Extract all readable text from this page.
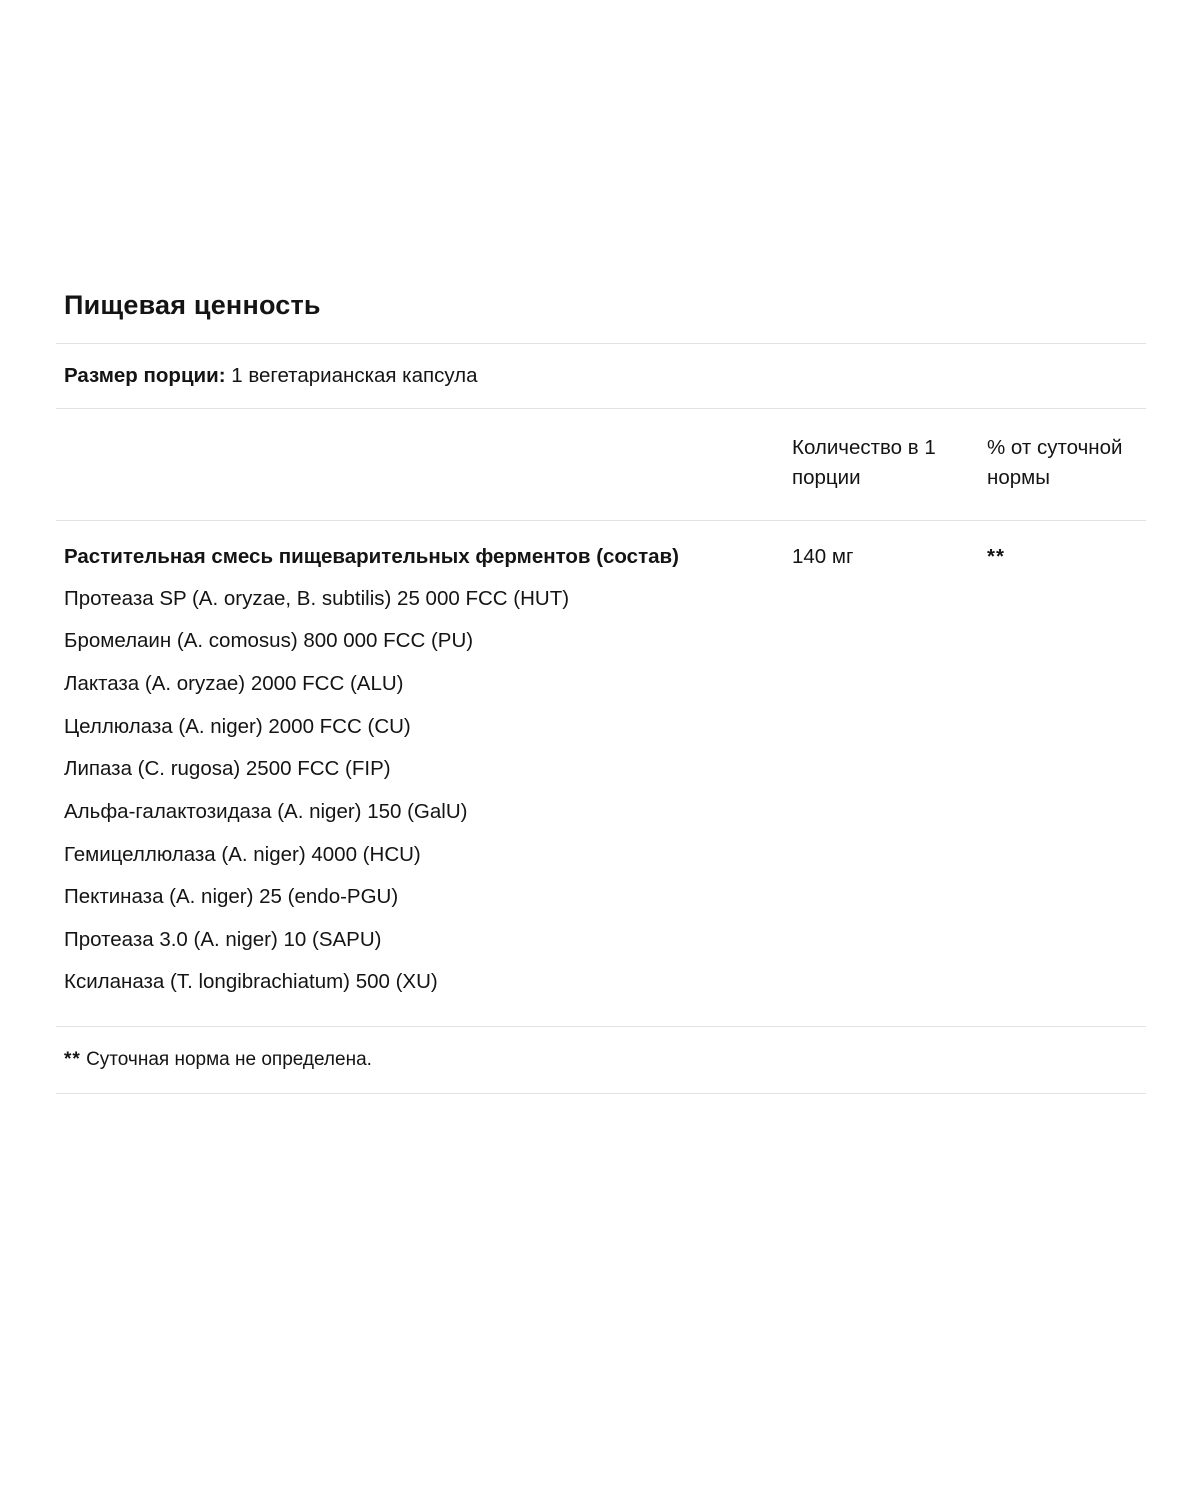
Пищевая ценность
Размер порции: 1 вегетарианская капсула
Количество в 1 порции
% от суточной нормы
Растительная смесь пищеварительных ферментов (состав)
Протеаза SP (A. oryzae, B. subtilis) 25 000 FCC (HUT)
Бромелаин (A. comosus) 800 000 FCC (PU)
Лактаза (A. oryzae) 2000 FCC (ALU)
Целлюлаза (A. niger) 2000 FCC (CU)
Липаза (C. rugosa) 2500 FCC (FIP)
Альфа-галактозидаза (A. niger) 150 (GalU)
Гемицеллюлаза (A. niger) 4000 (HCU)
Пектиназа (A. niger) 25 (endo-PGU)
Протеаза 3.0 (A. niger) 10 (SAPU)
Ксиланаза (T. longibrachiatum) 500 (XU)
140 мг	**
** Суточная норма не определена.
